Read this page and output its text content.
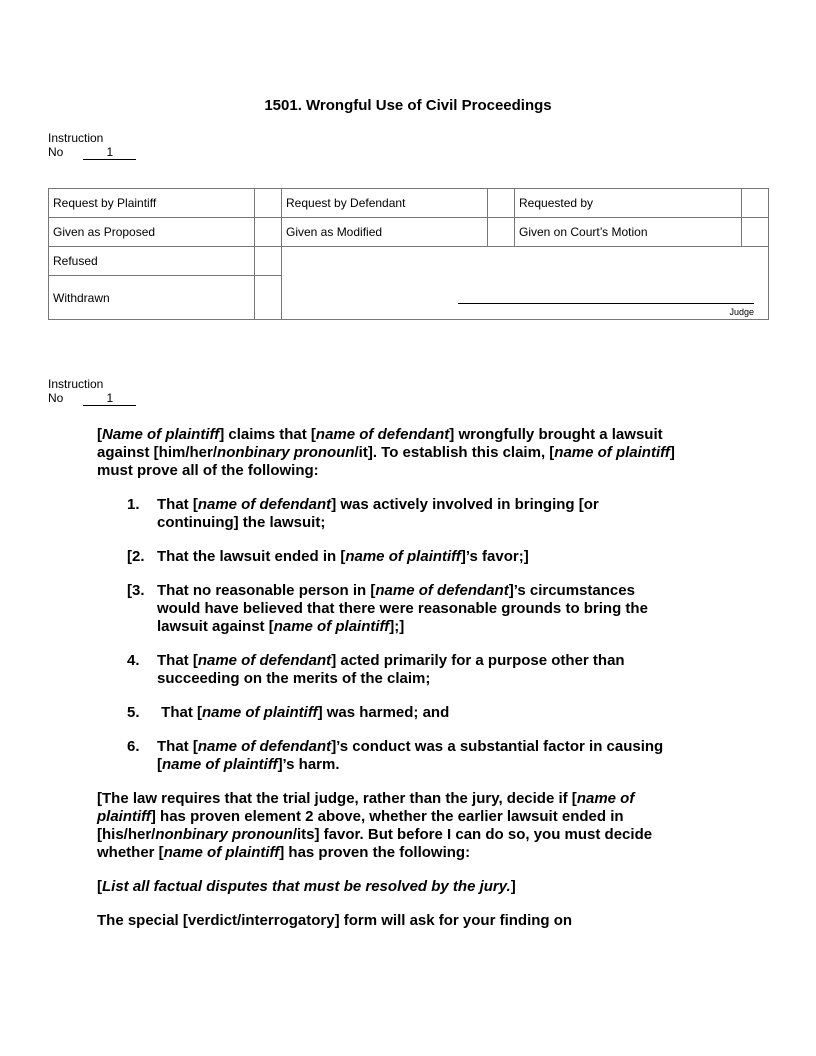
1501. Wrongful Use of Civil Proceedings
Instruction
No	1
Request by Plaintiff		Request by Defendant		Requested by	
Given as Proposed		Given as Modified		Given on Court’s Motion	
Refused		Judge			

Withdrawn					
Instruction
No	1

[Name of plaintiff] claims that [name of defendant] wrongfully brought a lawsuit against [him/her/nonbinary pronoun/it]. To establish this claim, [name of plaintiff] must prove all of the following:

1.	That [name of defendant] was actively involved in bringing [or continuing] the lawsuit;
[2. That the lawsuit ended in [name of plaintiff]’s favor;]
[3. That no reasonable person in [name of defendant]’s circumstances would have believed that there were reasonable grounds to bring the lawsuit against [name of plaintiff];]
4.	That [name of defendant] acted primarily for a purpose other than succeeding on the merits of the claim;
5.	That [name of plaintiff] was harmed; and
6.	That [name of defendant]’s conduct was a substantial factor in causing [name of plaintiff]’s harm.

[The law requires that the trial judge, rather than the jury, decide if [name of plaintiff] has proven element 2 above, whether the earlier lawsuit ended in [his/her/nonbinary pronoun/its] favor. But before I can do so, you must decide whether [name of plaintiff] has proven the following:

[List all factual disputes that must be resolved by the jury.]

The special [verdict/interrogatory] form will ask for your finding on
